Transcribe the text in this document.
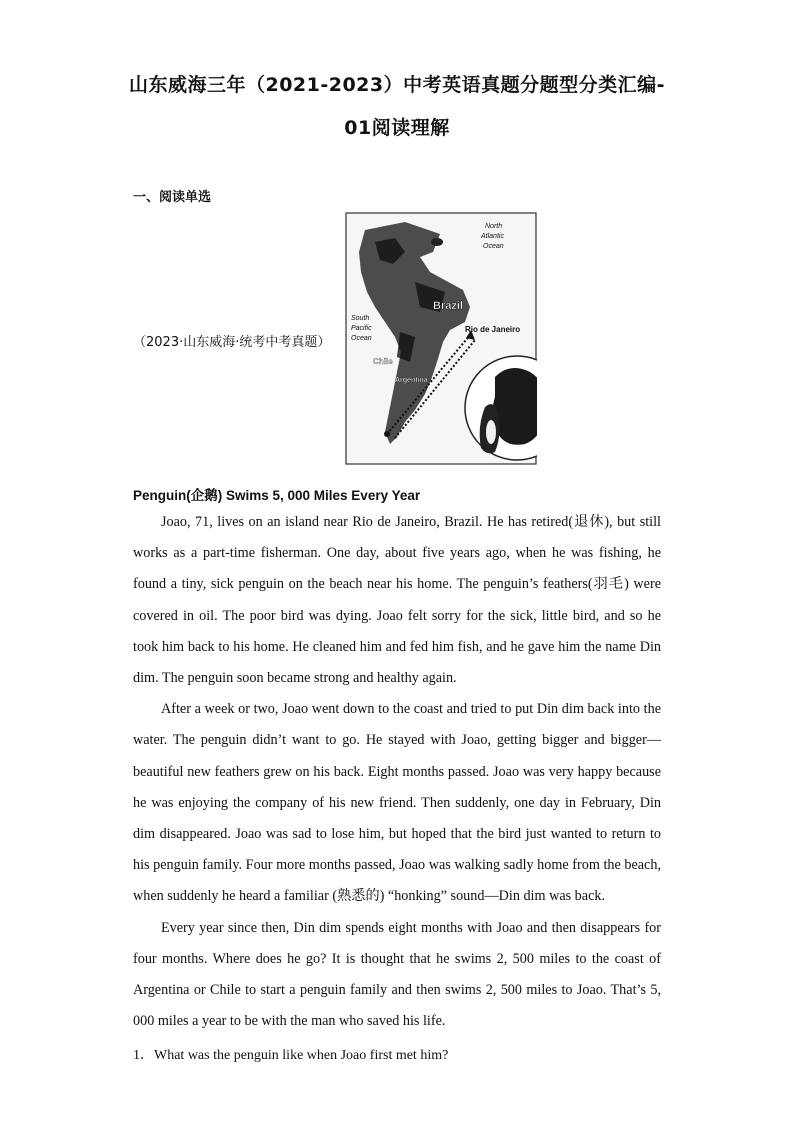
山东威海三年（2021-2023）中考英语真题分题型分类汇编-
01阅读理解
一、阅读单选
（2023·山东威海·统考中考真题）
North
Atlantic
Ocean
South
Pacific
Ocean
Brazil
Rio de Janeiro
Chile
Argentina
Penguin(企鹅) Swims 5, 000 Miles Every Year

Joao, 71, lives on an island near Rio de Janeiro, Brazil. He has retired(退休), but still works as a part-time fisherman. One day, about five years ago, when he was fishing, he found a tiny, sick penguin on the beach near his home. The penguin’s feathers(羽毛) were covered in oil. The poor bird was dying. Joao felt sorry for the sick, little bird, and so he took him back to his home. He cleaned him and fed him fish, and he gave him the name Din dim. The penguin soon became strong and healthy again.

After a week or two, Joao went down to the coast and tried to put Din dim back into the water. The penguin didn’t want to go. He stayed with Joao, getting bigger and bigger—beautiful new feathers grew on his back. Eight months passed. Joao was very happy because he was enjoying the company of his new friend. Then suddenly, one day in February, Din dim disappeared. Joao was sad to lose him, but hoped that the bird just wanted to return to his penguin family. Four more months passed, Joao was walking sadly home from the beach, when suddenly he heard a familiar (熟悉的) “honking” sound—Din dim was back.

Every year since then, Din dim spends eight months with Joao and then disappears for four months. Where does he go? It is thought that he swims 2, 500 miles to the coast of Argentina or Chile to start a penguin family and then swims 2, 500 miles to Joao. That’s 5, 000 miles a year to be with the man who saved his life.

1．What was the penguin like when Joao first met him?
